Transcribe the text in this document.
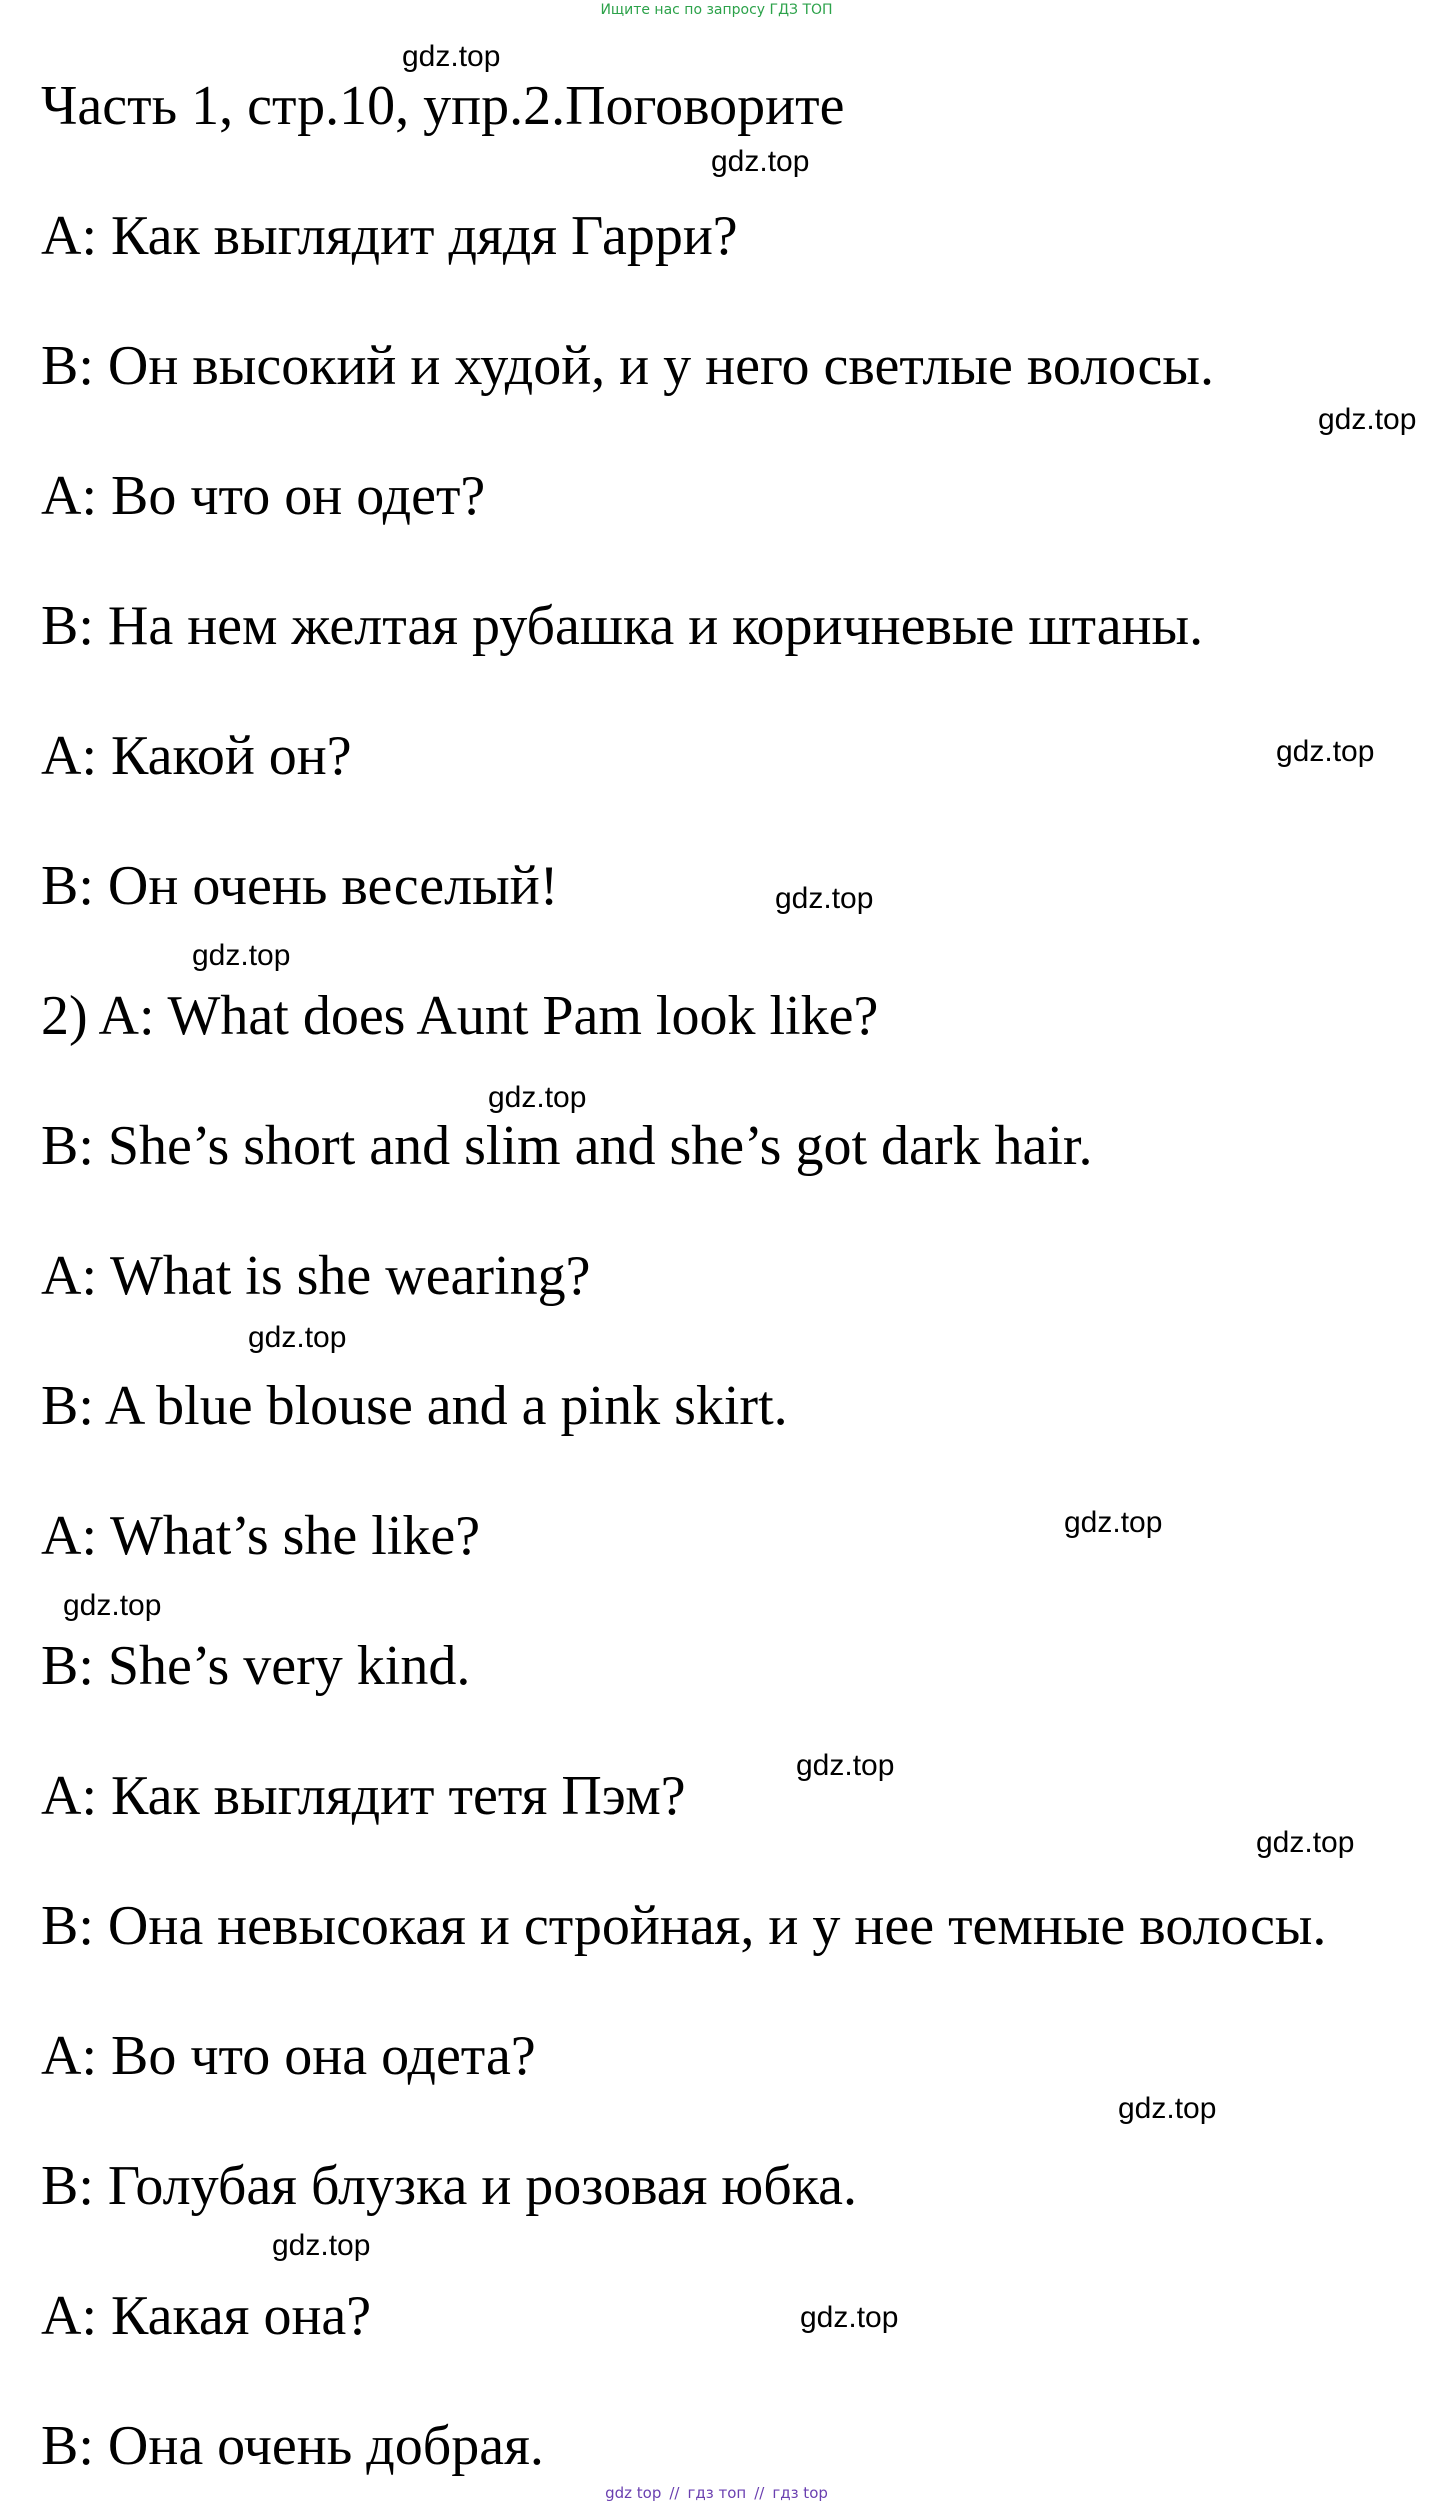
Ищите нас по запросу ГДЗ ТОП
Часть 1, стр.10, упр.2.Поговорите
A: Как выглядит дядя Гарри?
B: Он высокий и худой, и у него светлые волосы.
A: Во что он одет?
B: На нем желтая рубашка и коричневые штаны.
A: Какой он?
B: Он очень веселый!
2) A: What does Aunt Pam look like?
B: She’s short and slim and she’s got dark hair.
A: What is she wearing?
B: A blue blouse and a pink skirt.
A: What’s she like?
B: She’s very kind.
A: Как выглядит тетя Пэм?
B: Она невысокая и стройная, и у нее темные волосы.
A: Во что она одета?
B: Голубая блузка и розовая юбка.
A: Какая она?
B: Она очень добрая.
gdz.top
gdz.top
gdz.top
gdz.top
gdz.top
gdz.top
gdz.top
gdz.top
gdz.top
gdz.top
gdz.top
gdz.top
gdz.top
gdz.top
gdz.top
gdz top // гдз топ // гдз top
